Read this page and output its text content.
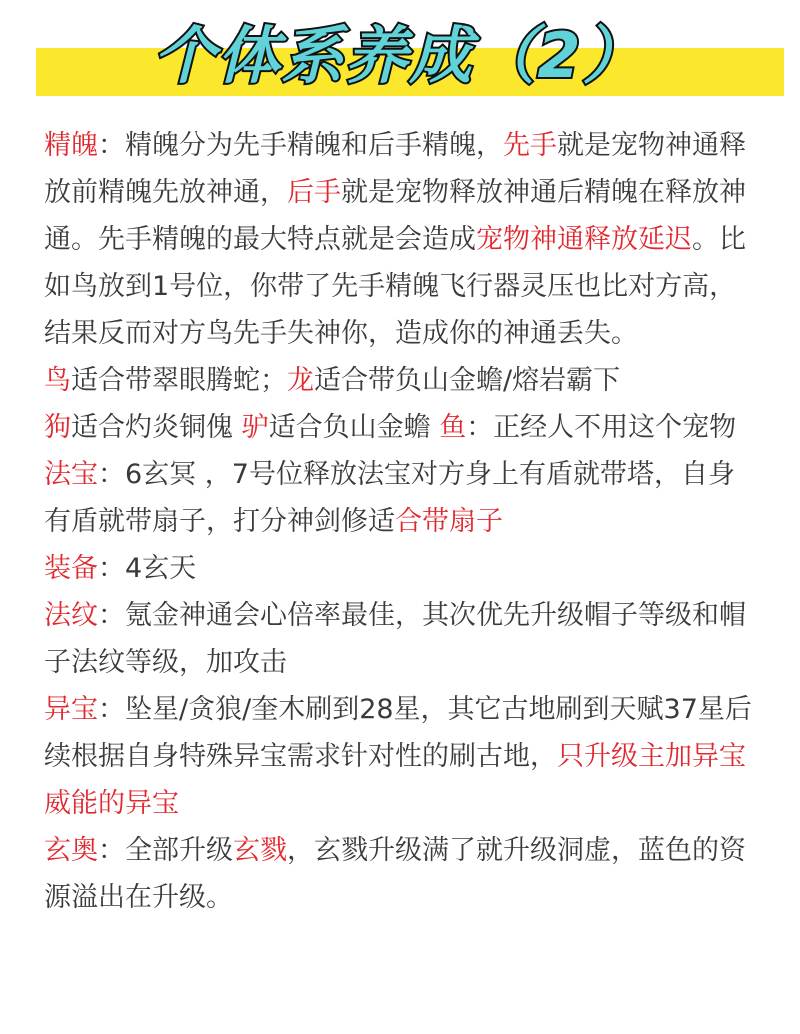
个体系养成（2）

精魄：精魄分为先手精魄和后手精魄，先手就是宠物神通释放前精魄先放神通，后手就是宠物释放神通后精魄在释放神通。先手精魄的最大特点就是会造成宠物神通释放延迟。比如鸟放到1号位，你带了先手精魄飞行器灵压也比对方高，结果反而对方鸟先手失神你，造成你的神通丢失。

鸟适合带翠眼腾蛇；龙适合带负山金蟾/熔岩霸下

狗适合灼炎铜傀 驴适合负山金蟾 鱼：正经人不用这个宠物

法宝：6玄冥 ，7号位释放法宝对方身上有盾就带塔，自身有盾就带扇子，打分神剑修适合带扇子

装备：4玄天

法纹：氪金神通会心倍率最佳，其次优先升级帽子等级和帽子法纹等级，加攻击

异宝：坠星/贪狼/奎木刷到28星，其它古地刷到天赋37星后续根据自身特殊异宝需求针对性的刷古地，只升级主加异宝威能的异宝

玄奥：全部升级玄戮，玄戮升级满了就升级洞虚，蓝色的资源溢出在升级。
